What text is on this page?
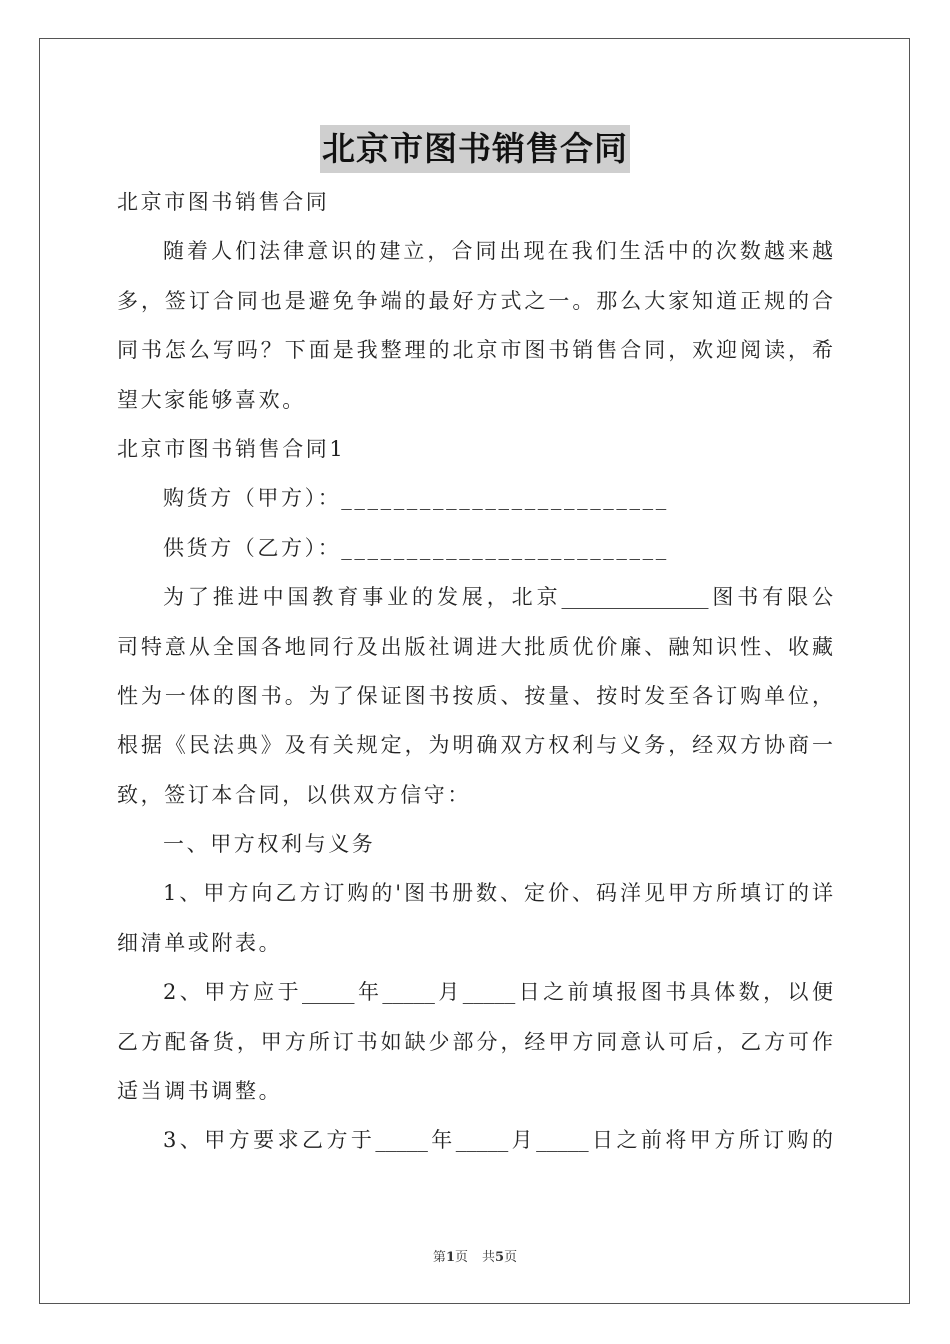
北京市图书销售合同
北京市图书销售合同
随着人们法律意识的建立，合同出现在我们生活中的次数越来越
多，签订合同也是避免争端的最好方式之一。那么大家知道正规的合
同书怎么写吗？下面是我整理的北京市图书销售合同，欢迎阅读，希
望大家能够喜欢。
北京市图书销售合同1
购货方（甲方）：_________________________
供货方（乙方）：_________________________
为了推进中国教育事业的发展，北京______________图书有限公
司特意从全国各地同行及出版社调进大批质优价廉、融知识性、收藏
性为一体的图书。为了保证图书按质、按量、按时发至各订购单位，
根据《民法典》及有关规定，为明确双方权利与义务，经双方协商一
致，签订本合同，以供双方信守：
一、甲方权利与义务
1、甲方向乙方订购的'图书册数、定价、码洋见甲方所填订的详
细清单或附表。
2、甲方应于_____年_____月_____日之前填报图书具体数，以便
乙方配备货，甲方所订书如缺少部分，经甲方同意认可后，乙方可作
适当调书调整。
3、甲方要求乙方于_____年_____月_____日之前将甲方所订购的
第1页 共5页
